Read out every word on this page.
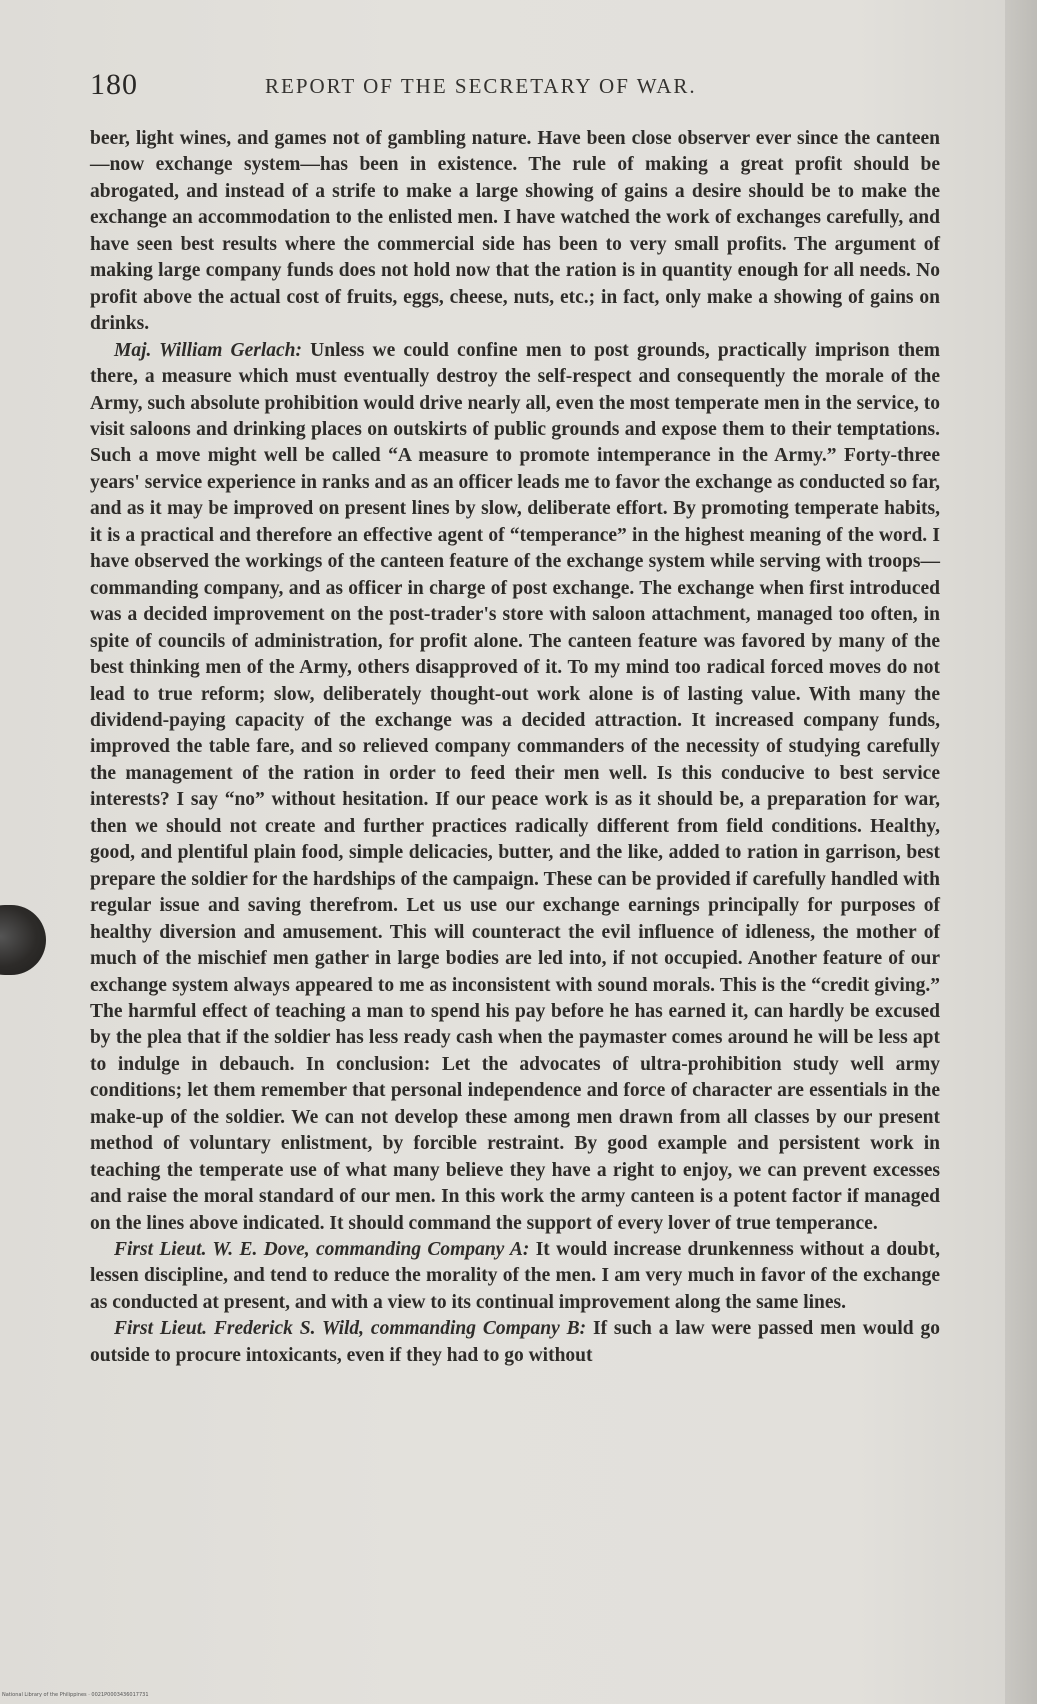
180	REPORT OF THE SECRETARY OF WAR.

beer, light wines, and games not of gambling nature. Have been close observer ever since the canteen—now exchange system—has been in existence. The rule of making a great profit should be abrogated, and instead of a strife to make a large showing of gains a desire should be to make the exchange an accommodation to the enlisted men. I have watched the work of exchanges carefully, and have seen best results where the commercial side has been to very small profits. The argument of making large company funds does not hold now that the ration is in quantity enough for all needs. No profit above the actual cost of fruits, eggs, cheese, nuts, etc.; in fact, only make a showing of gains on drinks.

Maj. William Gerlach: Unless we could confine men to post grounds, practically imprison them there, a measure which must eventually destroy the self-respect and consequently the morale of the Army, such absolute prohibition would drive nearly all, even the most temperate men in the service, to visit saloons and drinking places on outskirts of public grounds and expose them to their temptations. Such a move might well be called “A measure to promote intemperance in the Army.” Forty-three years' service experience in ranks and as an officer leads me to favor the exchange as conducted so far, and as it may be improved on present lines by slow, deliberate effort. By promoting temperate habits, it is a practical and therefore an effective agent of “temperance” in the highest meaning of the word. I have observed the workings of the canteen feature of the exchange system while serving with troops—commanding company, and as officer in charge of post exchange. The exchange when first introduced was a decided improvement on the post-trader's store with saloon attachment, managed too often, in spite of councils of administration, for profit alone. The canteen feature was favored by many of the best thinking men of the Army, others disapproved of it. To my mind too radical forced moves do not lead to true reform; slow, deliberately thought-out work alone is of lasting value. With many the dividend-paying capacity of the exchange was a decided attraction. It increased company funds, improved the table fare, and so relieved company commanders of the necessity of studying carefully the management of the ration in order to feed their men well. Is this conducive to best service interests? I say “no” without hesitation. If our peace work is as it should be, a preparation for war, then we should not create and further practices radically different from field conditions. Healthy, good, and plentiful plain food, simple delicacies, butter, and the like, added to ration in garrison, best prepare the soldier for the hardships of the campaign. These can be provided if carefully handled with regular issue and saving therefrom. Let us use our exchange earnings principally for purposes of healthy diversion and amusement. This will counteract the evil influence of idleness, the mother of much of the mischief men gather in large bodies are led into, if not occupied. Another feature of our exchange system always appeared to me as inconsistent with sound morals. This is the “credit giving.” The harmful effect of teaching a man to spend his pay before he has earned it, can hardly be excused by the plea that if the soldier has less ready cash when the paymaster comes around he will be less apt to indulge in debauch. In conclusion: Let the advocates of ultra-prohibition study well army conditions; let them remember that personal independence and force of character are essentials in the make-up of the soldier. We can not develop these among men drawn from all classes by our present method of voluntary enlistment, by forcible restraint. By good example and persistent work in teaching the temperate use of what many believe they have a right to enjoy, we can prevent excesses and raise the moral standard of our men. In this work the army canteen is a potent factor if managed on the lines above indicated. It should command the support of every lover of true temperance.

First Lieut. W. E. Dove, commanding Company A: It would increase drunkenness without a doubt, lessen discipline, and tend to reduce the morality of the men. I am very much in favor of the exchange as conducted at present, and with a view to its continual improvement along the same lines.

First Lieut. Frederick S. Wild, commanding Company B: If such a law were passed men would go outside to procure intoxicants, even if they had to go without

National Library of the Philippines · 0021P0003436017731
